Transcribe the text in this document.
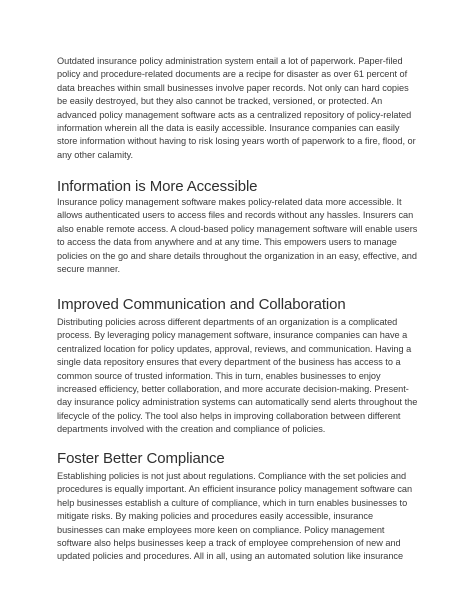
Outdated insurance policy administration system entail a lot of paperwork. Paper-filed policy and procedure-related documents are a recipe for disaster as over 61 percent of data breaches within small businesses involve paper records. Not only can hard copies be easily destroyed, but they also cannot be tracked, versioned, or protected. An advanced policy management software acts as a centralized repository of policy-related information wherein all the data is easily accessible. Insurance companies can easily store information without having to risk losing years worth of paperwork to a fire, flood, or any other calamity.

Information is More Accessible

Insurance policy management software makes policy-related data more accessible. It allows authenticated users to access files and records without any hassles. Insurers can also enable remote access. A cloud-based policy management software will enable users to access the data from anywhere and at any time. This empowers users to manage policies on the go and share details throughout the organization in an easy, effective, and secure manner.

Improved Communication and Collaboration

Distributing policies across different departments of an organization is a complicated process. By leveraging policy management software, insurance companies can have a centralized location for policy updates, approval, reviews, and communication. Having a single data repository ensures that every department of the business has access to a common source of trusted information. This in turn, enables businesses to enjoy increased efficiency, better collaboration, and more accurate decision-making. Present-day insurance policy administration systems can automatically send alerts throughout the lifecycle of the policy. The tool also helps in improving collaboration between different departments involved with the creation and compliance of policies.

Foster Better Compliance

Establishing policies is not just about regulations. Compliance with the set policies and procedures is equally important. An efficient insurance policy management software can help businesses establish a culture of compliance, which in turn enables businesses to mitigate risks. By making policies and procedures easily accessible, insurance businesses can make employees more keen on compliance. Policy management software also helps businesses keep a track of employee comprehension of new and updated policies and procedures. All in all, using an automated solution like insurance
